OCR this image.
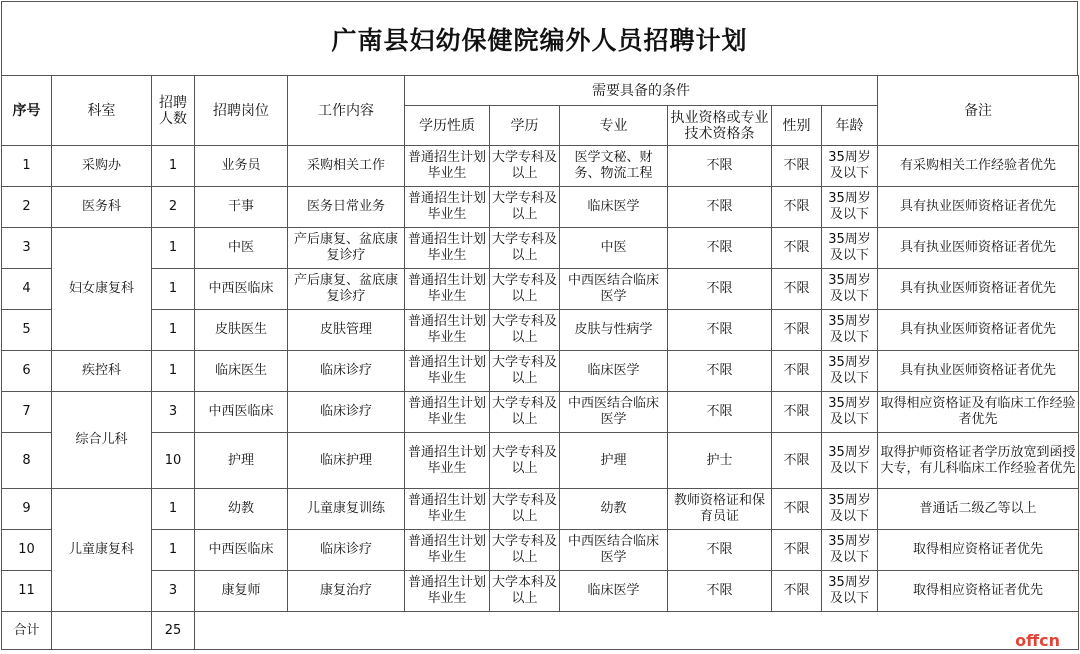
广南县妇幼保健院编外人员招聘计划
序号	科室	招聘人数	招聘岗位	工作内容	需要具备的条件						备注
					学历性质	学历	专业	执业资格或专业技术资格条	性别	年龄	
1	采购办	1	业务员	采购相关工作	普通招生计划毕业生	大学专科及以上	医学文秘、财务、物流工程	不限	不限	35周岁及以下	有采购相关工作经验者优先
2	医务科	2	干事	医务日常业务	普通招生计划毕业生	大学专科及以上	临床医学	不限	不限	35周岁及以下	具有执业医师资格证者优先
3	妇女康复科	1	中医	产后康复、盆底康复诊疗	普通招生计划毕业生	大学专科及以上	中医	不限	不限	35周岁及以下	具有执业医师资格证者优先
4		1	中西医临床	产后康复、盆底康复诊疗	普通招生计划毕业生	大学专科及以上	中西医结合临床医学	不限	不限	35周岁及以下	具有执业医师资格证者优先
5		1	皮肤医生	皮肤管理	普通招生计划毕业生	大学专科及以上	皮肤与性病学	不限	不限	35周岁及以下	具有执业医师资格证者优先
6	疾控科	1	临床医生	临床诊疗	普通招生计划毕业生	大学专科及以上	临床医学	不限	不限	35周岁及以下	具有执业医师资格证者优先
7	综合儿科	3	中西医临床	临床诊疗	普通招生计划毕业生	大学专科及以上	中西医结合临床医学	不限	不限	35周岁及以下	取得相应资格证及有临床工作经验者优先
8		10	护理	临床护理	普通招生计划毕业生	大学专科及以上	护理	护士	不限	35周岁及以下	取得护师资格证者学历放宽到函授大专，有儿科临床工作经验者优先
9	儿童康复科	1	幼教	儿童康复训练	普通招生计划毕业生	大学专科及以上	幼教	教师资格证和保育员证	不限	35周岁及以下	普通话二级乙等以上
10		1	中西医临床	临床诊疗	普通招生计划毕业生	大学专科及以上	中西医结合临床医学	不限	不限	35周岁及以下	取得相应资格证者优先
11		3	康复师	康复治疗	普通招生计划毕业生	大学本科及以上	临床医学	不限	不限	35周岁及以下	取得相应资格证者优先
合计		25									
offcn
